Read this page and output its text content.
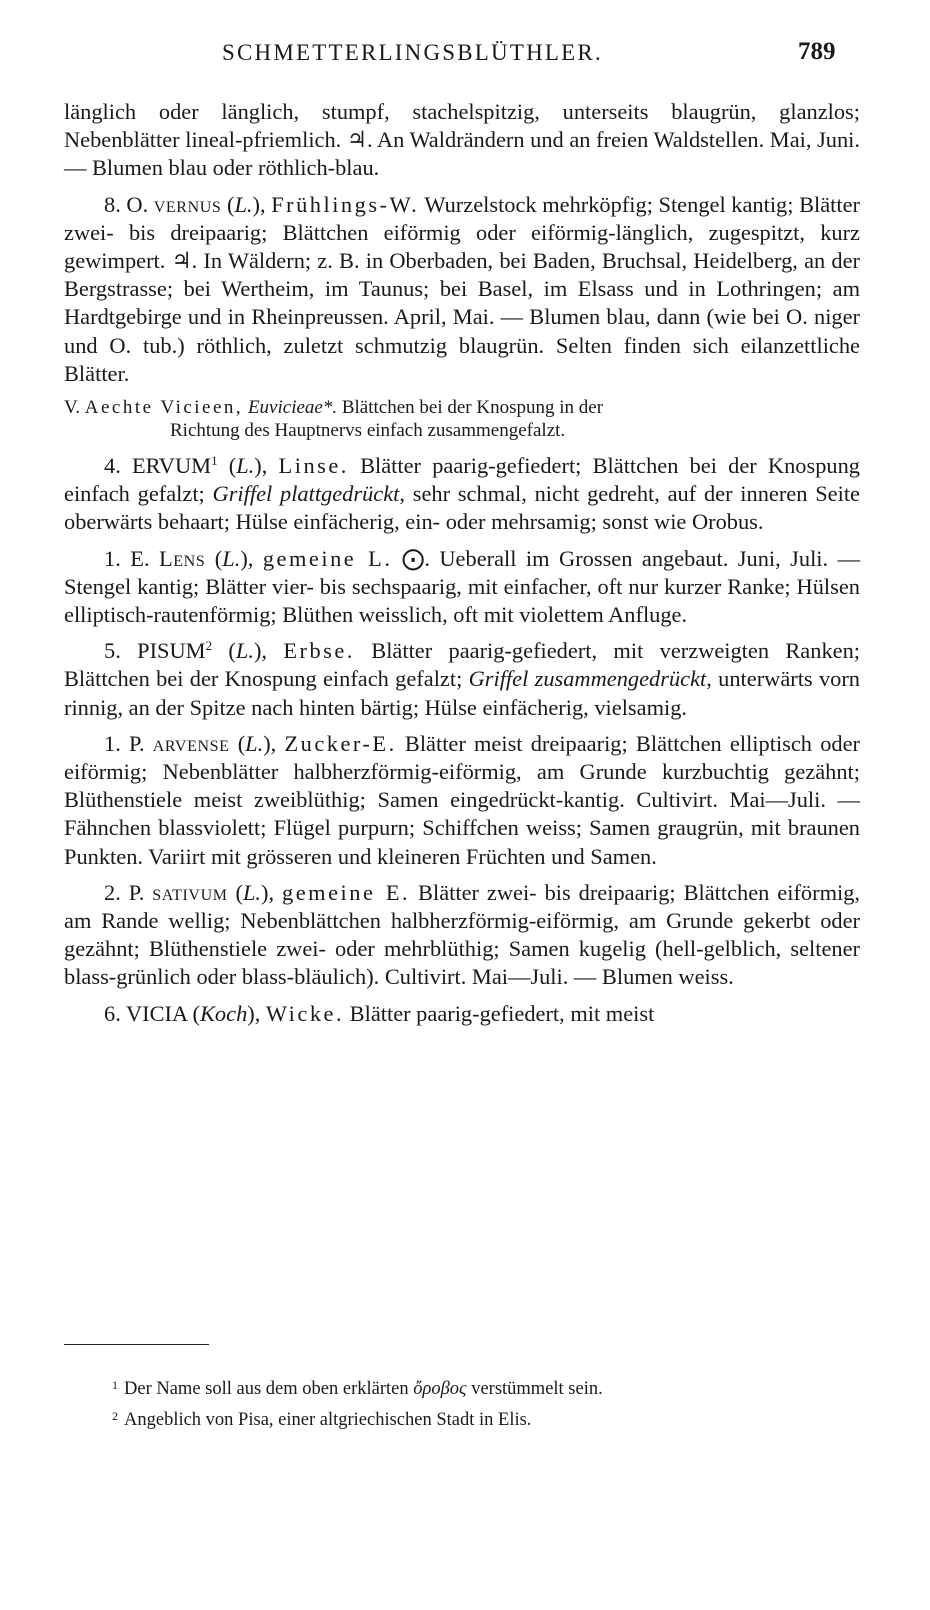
SCHMETTERLINGSBLÜTHLER.	789

länglich oder länglich, stumpf, stachelspitzig, unterseits blaugrün, glanzlos; Nebenblätter lineal-pfriemlich. ♃. An Waldrändern und an freien Waldstellen. Mai, Juni. — Blumen blau oder röthlich-blau.

8. O. vernus (L.), Frühlings-W. Wurzelstock mehrköpfig; Stengel kantig; Blätter zwei- bis dreipaarig; Blättchen eiförmig oder eiförmig-länglich, zugespitzt, kurz gewimpert. ♃. In Wäldern; z. B. in Oberbaden, bei Baden, Bruchsal, Heidelberg, an der Bergstrasse; bei Wertheim, im Taunus; bei Basel, im Elsass und in Lothringen; am Hardtgebirge und in Rheinpreussen. April, Mai. — Blumen blau, dann (wie bei O. niger und O. tub.) röthlich, zuletzt schmutzig blaugrün. Selten finden sich eilanzettliche Blätter.

V. Aechte Vicieen, Euvicieae*. Blättchen bei der Knospung in der
Richtung des Hauptnervs einfach zusammengefalzt.

4. ERVUM$^1$ (L.), Linse. Blätter paarig-gefiedert; Blättchen bei der Knospung einfach gefalzt; Griffel plattgedrückt, sehr schmal, nicht gedreht, auf der inneren Seite oberwärts behaart; Hülse einfächerig, ein- oder mehrsamig; sonst wie Orobus.

1. E. Lens (L.), gemeine L. ⨀. Ueberall im Grossen angebaut. Juni, Juli. — Stengel kantig; Blätter vier- bis sechspaarig, mit einfacher, oft nur kurzer Ranke; Hülsen elliptisch-rautenförmig; Blüthen weisslich, oft mit violettem Anfluge.

5. PISUM$^2$ (L.), Erbse. Blätter paarig-gefiedert, mit verzweigten Ranken; Blättchen bei der Knospung einfach gefalzt; Griffel zusammengedrückt, unterwärts vorn rinnig, an der Spitze nach hinten bärtig; Hülse einfächerig, vielsamig.

1. P. arvense (L.), Zucker-E. Blätter meist dreipaarig; Blättchen elliptisch oder eiförmig; Nebenblätter halbherzförmig-eiförmig, am Grunde kurzbuchtig gezähnt; Blüthenstiele meist zweiblüthig; Samen eingedrückt-kantig. Cultivirt. Mai—Juli. — Fähnchen blassviolett; Flügel purpurn; Schiffchen weiss; Samen graugrün, mit braunen Punkten. Variirt mit grösseren und kleineren Früchten und Samen.

2. P. sativum (L.), gemeine E. Blätter zwei- bis dreipaarig; Blättchen eiförmig, am Rande wellig; Nebenblättchen halbherzförmig-eiförmig, am Grunde gekerbt oder gezähnt; Blüthenstiele zwei- oder mehrblüthig; Samen kugelig (hell-gelblich, seltener blass-grünlich oder blass-bläulich). Cultivirt. Mai—Juli. — Blumen weiss.

6. VICIA (Koch), Wicke. Blätter paarig-gefiedert, mit meist

$^1$ Der Name soll aus dem oben erklärten ὄροβος verstümmelt sein.
$^2$ Angeblich von Pisa, einer altgriechischen Stadt in Elis.
